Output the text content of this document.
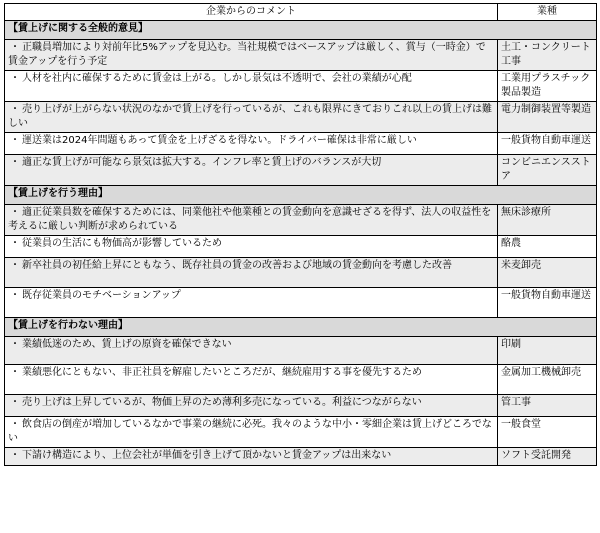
企業からのコメント	業種
【賃上げに関する全般的意見】	
・ 正職員増加により対前年比5%アップを見込む。当社規模ではベースアップは厳しく、賞与（一時金）で賃金アップを行う予定	土工・コンクリート工事
・ 人材を社内に確保するために賃金は上がる。しかし景気は不透明で、会社の業績が心配	工業用プラスチック製品製造
・ 売り上げが上がらない状況のなかで賃上げを行っているが、これも限界にきておりこれ以上の賃上げは難しい	電力制御装置等製造
・ 運送業は2024年問題もあって賃金を上げざるを得ない。ドライバー確保は非常に厳しい	一般貨物自動車運送
・ 適正な賃上げが可能なら景気は拡大する。インフレ率と賃上げのバランスが大切	コンビニエンスストア
【賃上げを行う理由】	
・ 適正従業員数を確保するためには、同業他社や他業種との賃金動向を意識せざるを得ず、法人の収益性を考えるに厳しい判断が求められている	無床診療所
・ 従業員の生活にも物価高が影響しているため	酪農
・ 新卒社員の初任給上昇にともなう、既存社員の賃金の改善および地域の賃金動向を考慮した改善	米麦卸売
・ 既存従業員のモチベーションアップ	一般貨物自動車運送
【賃上げを行わない理由】	
・ 業績低迷のため、賃上げの原資を確保できない	印刷
・ 業績悪化にともない、非正社員を解雇したいところだが、継続雇用する事を優先するため	金属加工機械卸売
・ 売り上げは上昇しているが、物価上昇のため薄利多売になっている。利益につながらない	管工事
・ 飲食店の倒産が増加しているなかで事業の継続に必死。我々のような中小・零細企業は賃上げどころでない	一般食堂
・ 下請け構造により、上位会社が単価を引き上げて頂かないと賃金アップは出来ない	ソフト受託開発
